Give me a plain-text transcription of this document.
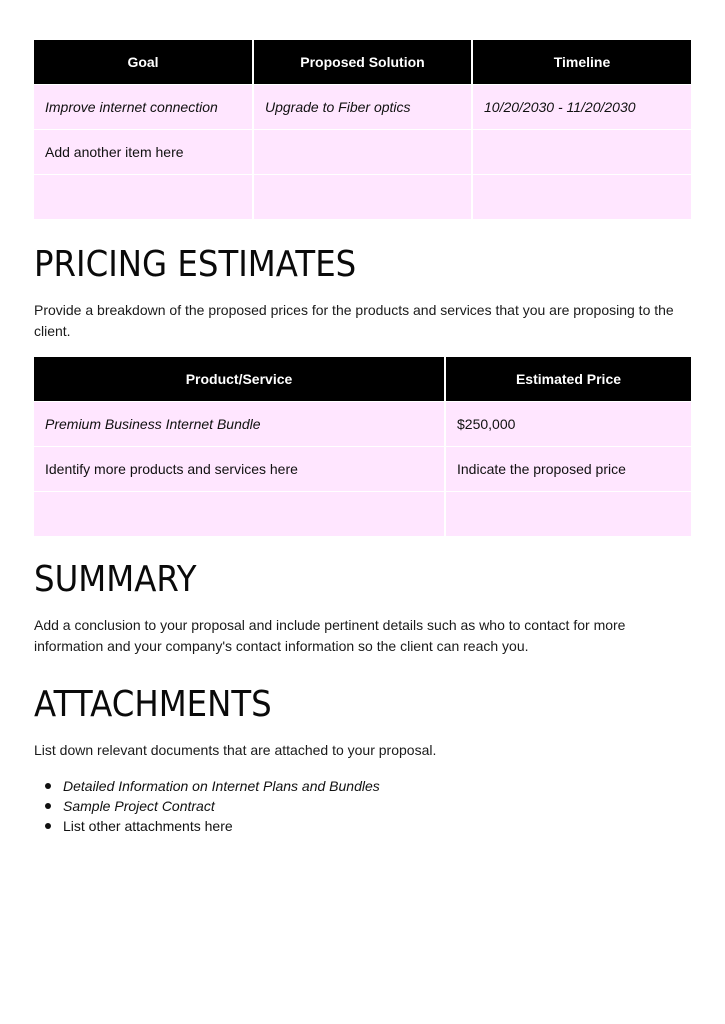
Goal	Proposed Solution	Timeline
Improve internet connection	Upgrade to Fiber optics	10/20/2030 - 11/20/2030
Add another item here		

PRICING ESTIMATES

Provide a breakdown of the proposed prices for the products and services that you are proposing to the client.

Product/Service	Estimated Price
Premium Business Internet Bundle	$250,000
Identify more products and services here	Indicate the proposed price

SUMMARY

Add a conclusion to your proposal and include pertinent details such as who to contact for more information and your company's contact information so the client can reach you.

ATTACHMENTS

List down relevant documents that are attached to your proposal.

Detailed Information on Internet Plans and Bundles
Sample Project Contract
List other attachments here
